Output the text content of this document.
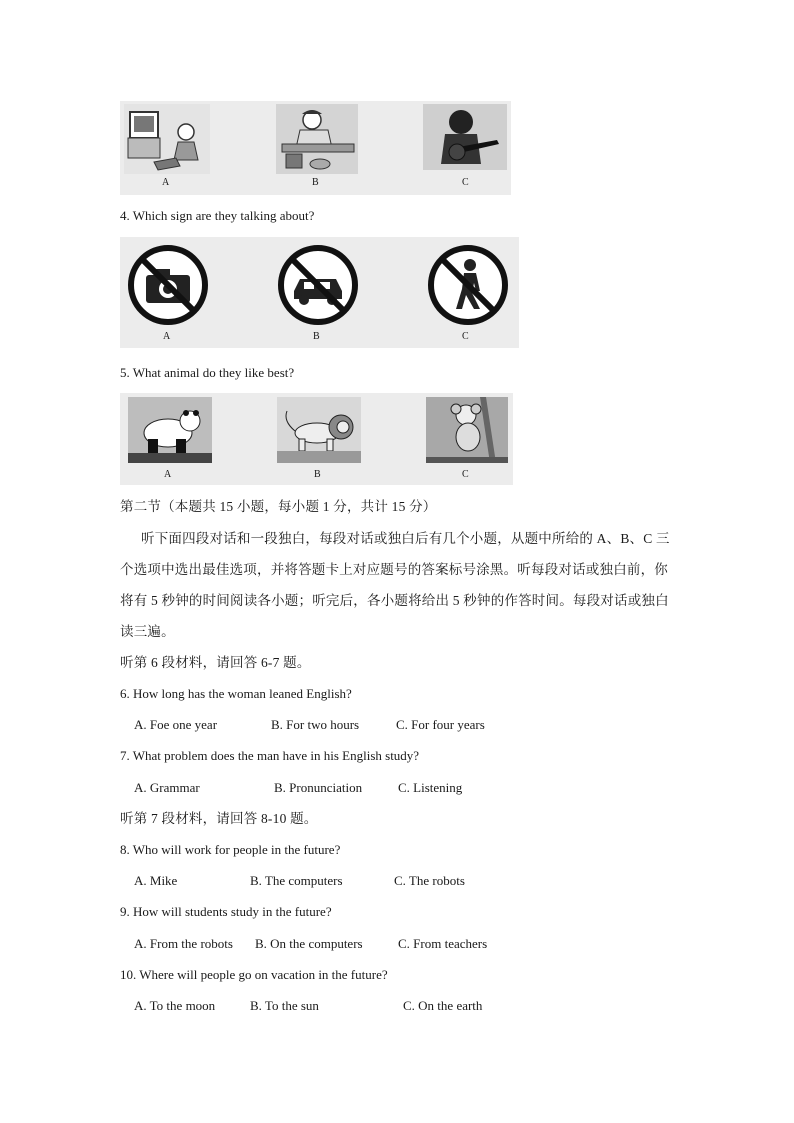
A	B	C
4. Which sign are they talking about?
A	B	C
5. What animal do they like best?
A	B	C
第二节（本题共 15 小题，每小题 1 分，共计 15 分）
听下面四段对话和一段独白，每段对话或独白后有几个小题，从题中所给的 A、B、C 三
个选项中选出最佳选项，并将答题卡上对应题号的答案标号涂黑。听每段对话或独白前，你
将有 5 秒钟的时间阅读各小题；听完后，各小题将给出 5 秒钟的作答时间。每段对话或独白
读三遍。
听第 6 段材料，请回答 6-7 题。
6. How long has the woman leaned English?
A. Foe one year	B. For two hours	C. For four years
7. What problem does the man have in his English study?
A. Grammar	B. Pronunciation	C. Listening
听第 7 段材料，请回答 8-10 题。
8. Who will work for people in the future?
A. Mike	B. The computers	C. The robots
9. How will students study in the future?
A. From the robots B. On the computers	C. From teachers
10. Where will people go on vacation in the future?
A. To the moon	B. To the sun	C. On the earth
